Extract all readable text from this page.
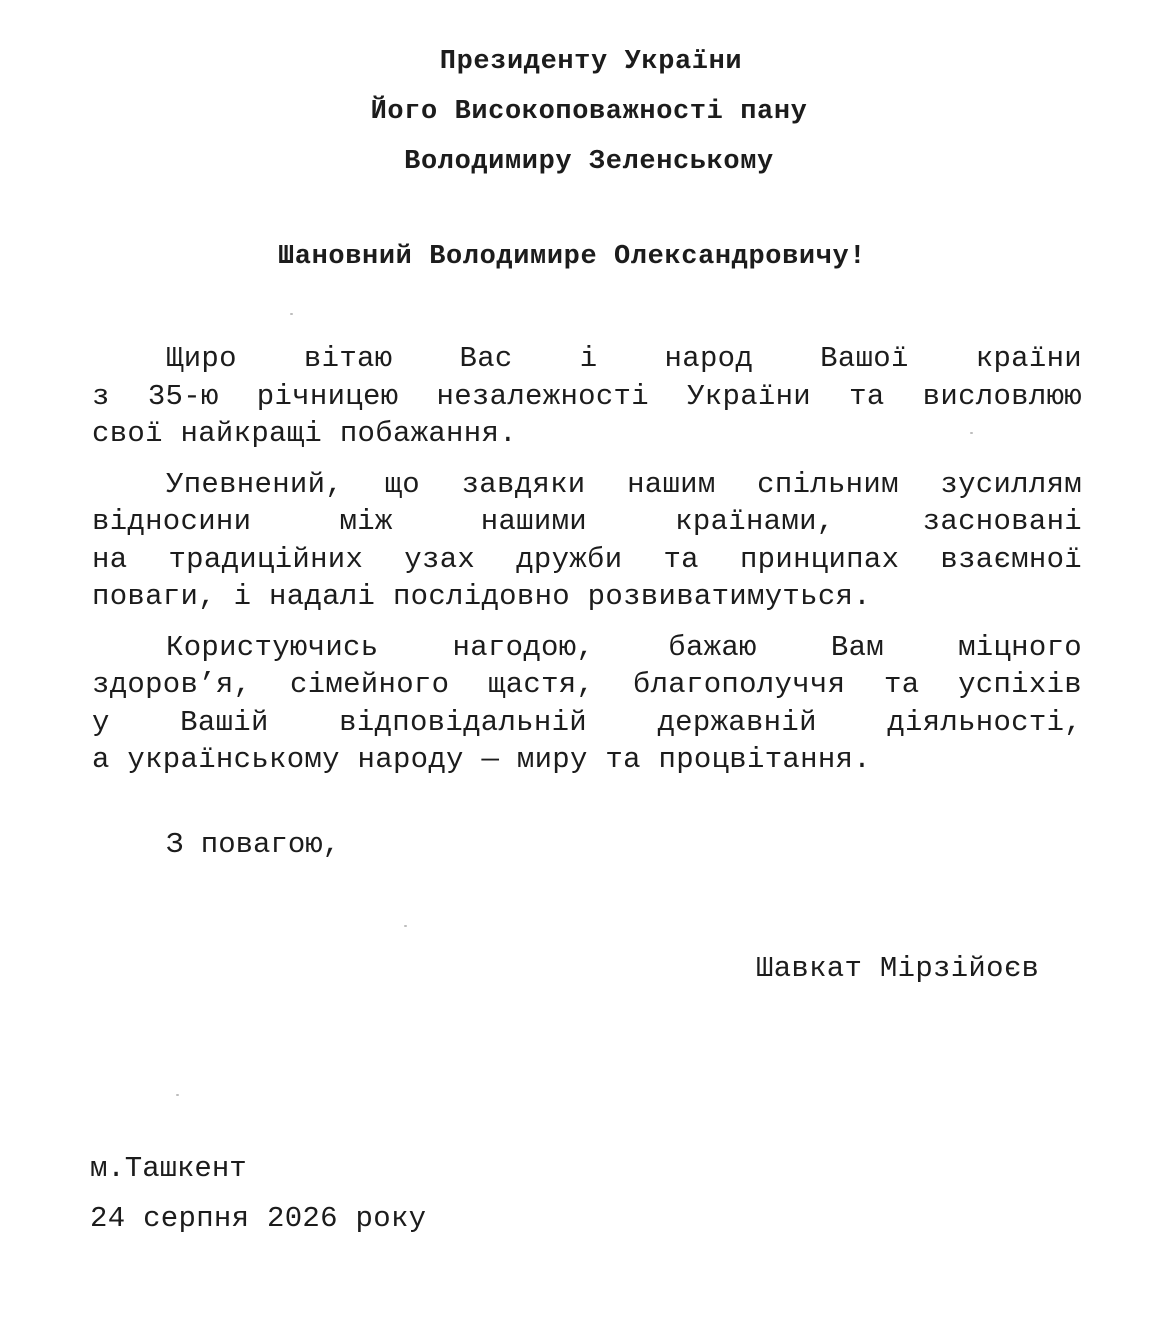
Президенту України
Його Високоповажності пану
Володимиру Зеленському
Шановний Володимире Олександровичу!

Щиро вітаю Вас і народ Вашої країни
з 35-ю річницею незалежності України та висловлюю
свої найкращі побажання.

Упевнений, що завдяки нашим спільним зусиллям
відносини між нашими країнами, засновані
на традиційних узах дружби та принципах взаємної
поваги, і надалі послідовно розвиватимуться.

Користуючись нагодою, бажаю Вам міцного
здоров’я, сімейного щастя, благополуччя та успіхів
у Вашій відповідальній державній діяльності,
а українському народу — миру та процвітання.

З повагою,
Шавкат Мірзійоєв
м.Ташкент
24 серпня 2026 року
